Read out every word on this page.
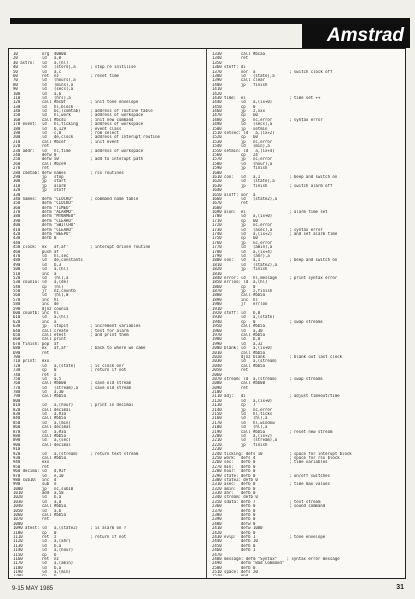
Amstrad
10          org  40000
20          ld   a,0
30 astro:   ld   a,(hl)
40          ld   (store),a      ; stop re initilise
50          ld   a,c
60          ret  nz             ; reset time
70          ld   (hours),a
80          ld   (mins),a
90          ld   (secs),a
100         ld   a,6
110         ld   (hrs),a
120         call #bc0f          ; init tone envelope
130         ld   hl,block
140         ld   bc,(comtab)    ; address of routine table
150         ld   hl,work        ; address of workspace
160         call #bcd1          ; init new command
170 event:  ld   hl,ticking     ; address of workspace
180         ld   b,129          ; event class
190         ld   c,0            ; rom select
200         ld   de,clock       ; address of interupt routine
210         call #bcef          ; init event
220         ret
230 addr:   ld   hl,time        ; address of workspace
240         defw 0
250         defw 50             ; add to interupt path
260         call #bce9
270         ret
280 comtab: defw names          ; rsx routines
290         jp   stop
300         jp   start
310         jp   alarm
320         jp   stoff
330
340 names:  defm "CLOCKO"       ; command name table
350         defm "CLOCKO"
360         defm "TIMEO"
370         defm "ALARMO"
380         defm "MYNAMEO"
390         defm "CLEARO"
400         defm "SWITCHO"
410         defm "CLEARO"
420         defm "BEEPO"
430         defb 0
440
450 clock:  ex   af,af'         ; interupt driven routine
460         push af
470         ld   hl,sec
480         ld   de,constants
490         ld   b,3
500         ld   a,(hl)
510         inc  a
520         ld   (hl),a
530 coun1a: ld   a,(de)
540         cp   (hl)
550         jr   nz,countb
560         ld   (hl),0
570         inc  hl
580         inc  de
590         djnz coun1a
600 countb: inc  hl
610         ld   a,(hl)
620         inc  a
630         jp   stopit         ; increment variables
640         call create         ; test for alarm
650         call etest          ; and print them
660         call print
670 finish: pop  af
680         ex   af,af'         ; back to where we came
690         ret
700
710 print:  exx
720         ld   a,(state)      ; is clock on?
730         cp   0              ; return if not
740         ret  z
750         ld   a,5
760         call #bb00          ; save old stream
770         ld   (stream),a     ; save old stream
780         ld   a,30
790         call #bb5a
800
810         ld   a,(hour)       ; print in decimal
820         call decimal
830         ld   a,#3a
840         call #bb5a
850         ld   a,(min)
860         call decimal
870         ld   a,#3a
880         call #bb5a
890         ld   a,(sec)
900         call decimal
910
920         ld   a,(stream)     ; return text stream
930         call #bb5a
940         exx
950         ret
960 decima: ld   d,#2f
970         ld   e,10
980 sub10:  inc  d
990         sub  e
1000        jp   nc,sub10
1010        add  a,58
1020        ld   b,a
1030        ld   a,d
1040        call #bb5a
1050        ld   a,b
1060        call #bb5a
1070        ret
1080
1090 atest: ld   a,(state2)     ; is alarm on ?
1100        cp   0
1110        ret  z              ; return if not
1120        ld   a,(ahr)
1130        ld   b,a
1140        ld   a,(hour)
1150        cp   b
1160        ret  nz
1170        ld   a,(amin)
1180        ld   b,a
1190        ld   a,(min)
1330        call #bcaa
1340        ret
1350
1360 stoff: di
1370        xor  a              ; switch clock off
1380        ld   (state),a
1390        call clear
1400        jp   finish
1410
1420
1430 time:  ei                  ; time set ++
1440        ld   a,(ix+0)
1450        cp   0
1460        jp   z,xxx
1470        cp   60
1480        jp   nc,error       ; syntax error
1490        ld   (secs),a
1500        jp   setmin
1510 setsec: ld   a,(ix+2)
1520        cp   60
1530        jp   nc,error
1540        ld   (min),a
1550 setmin: ld   a,(ix+4)
1560        cp   24
1570        jp   nc,error
1580        ld   (hour),a
1590        jp   finish
1600
1610 con:   ld   a,1            ; beep and switch on
1620        ld   (state),a
1630        jp   finish         ; switch alarm off
1640
1650 aloff: xor  a
1660        ld   (state2),a
1670        ret
1680
1690 alon:  ei                  ; alarm time set
1700        ld   a,(ix+0)
1710        cp   60
1720        jp   nc,error
1730        ld   (asec),a       ; syntax error
1740        ld   a,(ix+2)       ; and set alarm time
1750        cp   60
1760        jp   nc,error
1770        ld   (amin),a
1780        ld   a,(ix+4)
1790        ld   (ahr),a
1800 son:   ld   a,1            ; beep and switch on
1810        ld   (state2),a
1820        jp   finish
1830
1840 error: ld   hl,message     ; print syntax error
1850 errloo: ld  a,(hl)
1860        cp   0
1870        jp   z,finish
1880        call #bb5a
1890        inc  hl
1900        jr   errloo
1910
1920 stoff: ld   b,0
1930        ld   a,(state)
1940        cp   0              ; swap streams
1950        call #bb5a
1960        ld   a,30
1970        call #bb5a
1980        ld   b,8
1990        ld   a,32
2000 blank: ld   a,(ix+0)
2010        call #bb5a
2020        djnz blank          ; blank out last clock
2030        ld   a,(stream)
2040        call #bb5a
2050        ret
2060
2070 stream: ld  a,(stream)     ; swap streams
2080        call #bb00
2090        ret
2100
2110 adj:   di                  ; adjust timeout/time
2120        ld   a,(ix+0)
2130        cp   7
2140        jp   nc,error
2150        ld   hl,ticks
2160        ld   (hl),a
2170        ld   hl,window
2180        ld   (hl),a
2190        call #bb5a          ; reset new stream
2200        ld   a,(ix+2)
2210        ld   (stream),a
2220        jp   finish
2230
2240 ticking: defs 10           ; space for interupt block
2250 work:  defs 4              ; space for rsx block
2260 sec:   defb 0              ; time variables
2270 min:   defb 0
2280 hour:  defb 0
2290 state: defb 0              ; on/off switches
2300 state2: defb 0
2310 asec:  defb 0              ; time max values
2320 amin:  defb 0
2330 ahr:   defb 0
2340 stream: defb 0
2350 sdata: defb 7              ; text stream
2360        defb 0              ; sound command
2370        defb 0
2380        defb 0
2390        defb 0
2400        defw 0
2410        defw 1000
2420        defb 0
2430 evlp:  defb 1              ; tone envelope
2440        defb 10
2450        defb 0
2460        defb 1
2470
2480 message: defm "Syntax"    ; syntax error message
2490        defm "Bad Command"
2500        defb 0
2510 space: defs 20
9-15 MAY 1985	31
